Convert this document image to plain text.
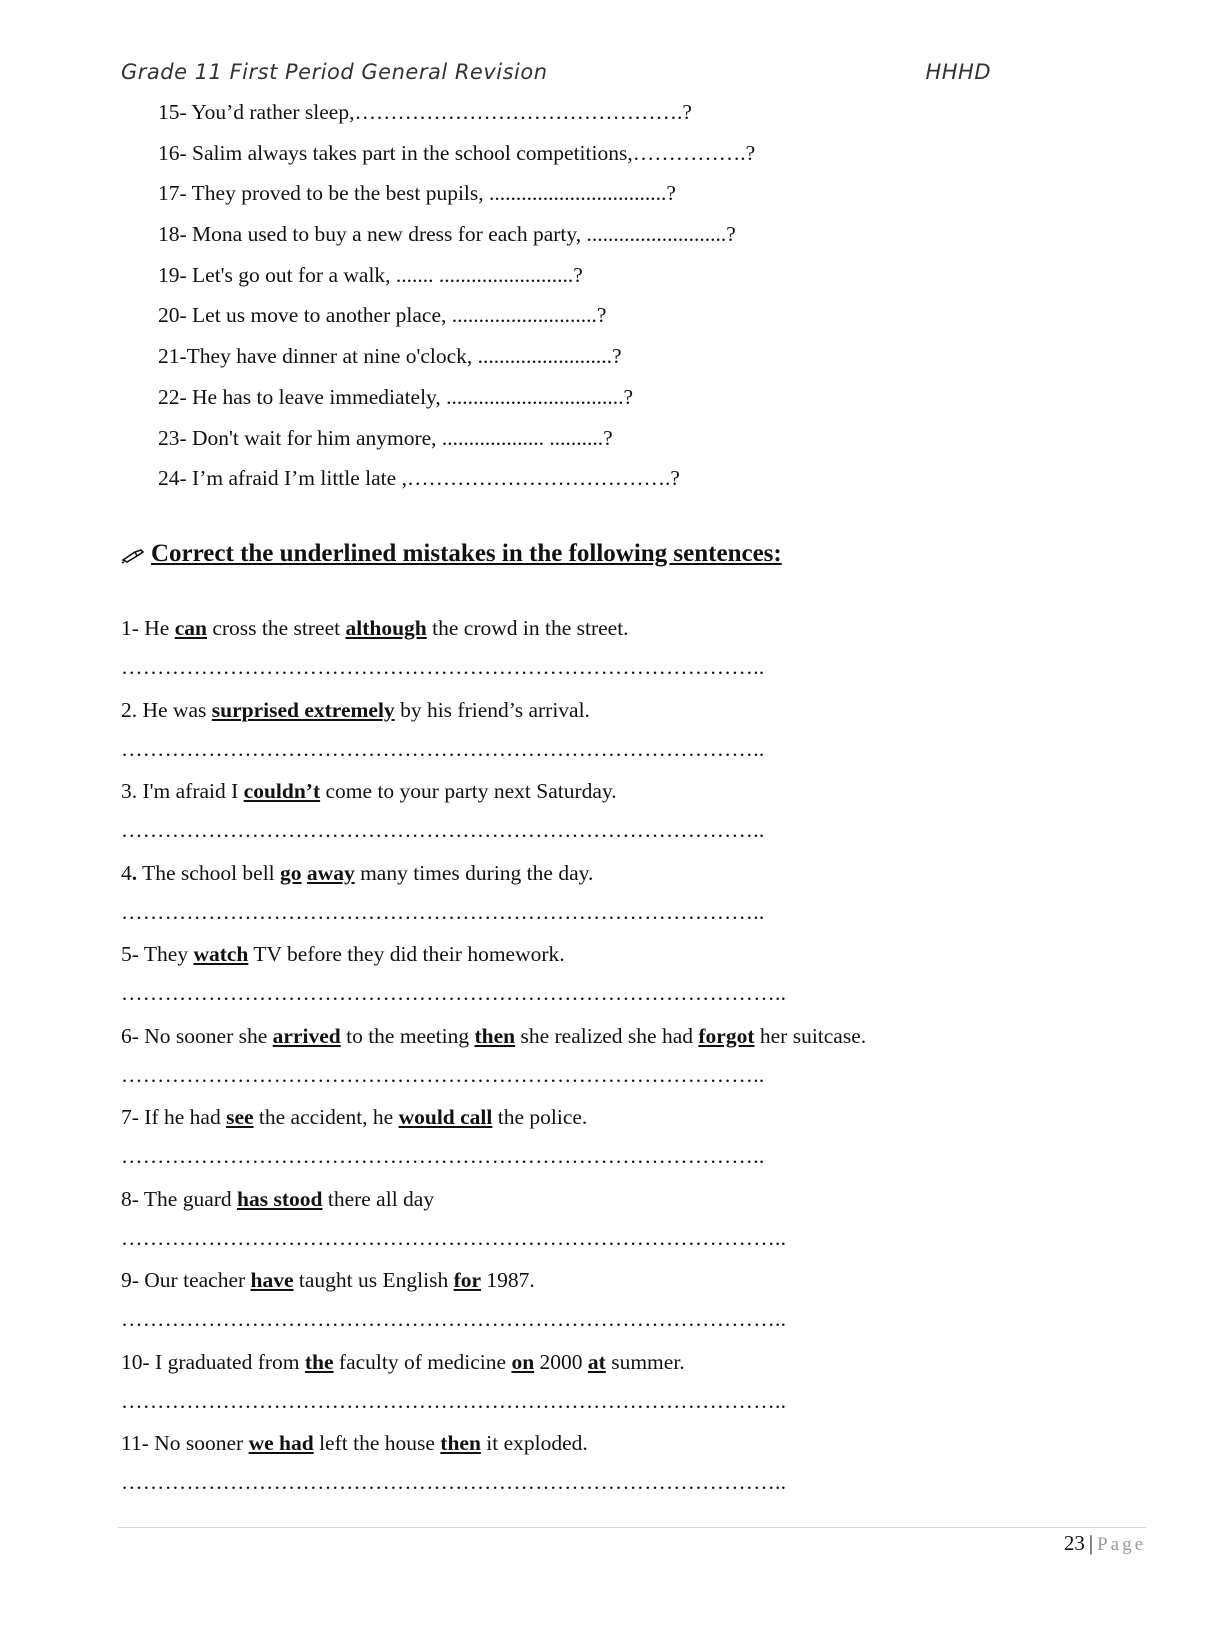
Grade 11 First Period General Revision	HHHD
15- You’d rather sleep,……………………………………….?
16- Salim always takes part in the school competitions,…………….?
17- They proved to be the best pupils, .................................?
18- Mona used to buy a new dress for each party, ..........................?
19- Let's go out for a walk, ....... .........................?
20- Let us move to another place, ...........................?
21-They have dinner at nine o'clock, .........................?
22- He has to leave immediately, .................................?
23- Don't wait for him anymore, ................... ..........?
24- I’m afraid I’m little late ,……………………………….?
Correct the underlined mistakes in the following sentences:
1- He can cross the street although the crowd in the street.
……………………………………………………………………………..
2. He was surprised extremely by his friend’s arrival.
……………………………………………………………………………..
3. I'm afraid I couldn’t come to your party next Saturday.
……………………………………………………………………………..
4. The school bell go away many times during the day.
……………………………………………………………………………..
5- They watch TV before they did their homework.
………………………………………………………………………………..
6- No sooner she arrived to the meeting then she realized she had forgot her suitcase.
……………………………………………………………………………..
7- If he had see the accident, he would call the police.
……………………………………………………………………………..
8- The guard has stood there all day
………………………………………………………………………………..
9- Our teacher have taught us English for 1987.
………………………………………………………………………………..
10- I graduated from the faculty of medicine on 2000 at summer.
………………………………………………………………………………..
11- No sooner we had left the house then it exploded.
………………………………………………………………………………..
23 | Page
